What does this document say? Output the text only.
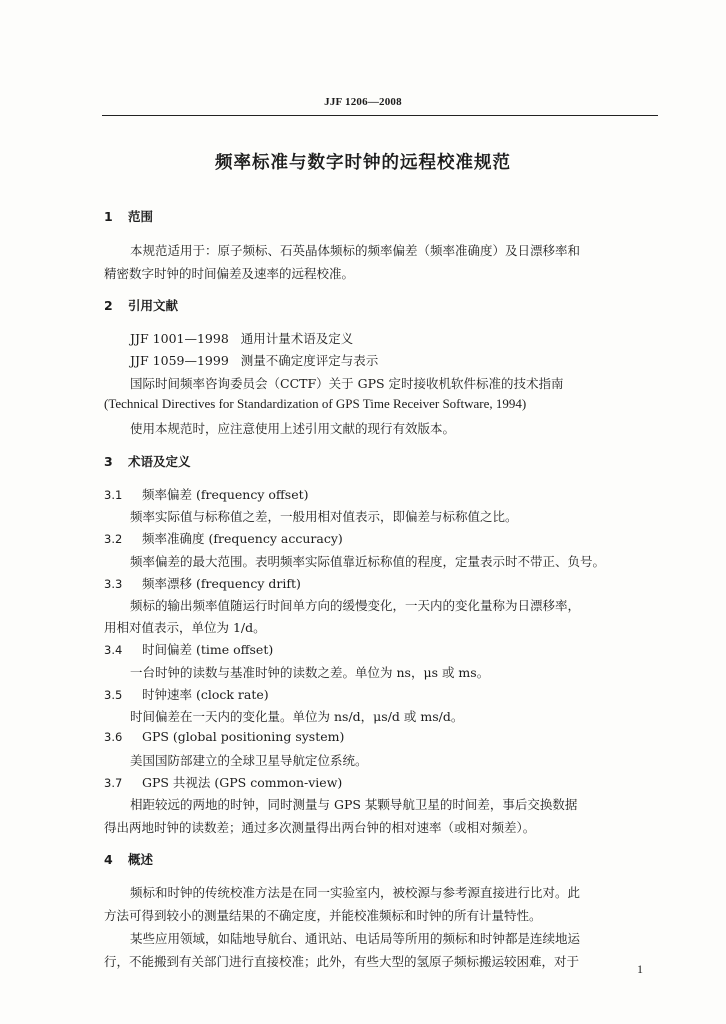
JJF 1206—2008
频率标准与数字时钟的远程校准规范
1 范围
本规范适用于：原子频标、石英晶体频标的频率偏差（频率准确度）及日漂移率和
精密数字时钟的时间偏差及速率的远程校准。
2 引用文献
JJF 1001—1998   通用计量术语及定义
JJF 1059—1999   测量不确定度评定与表示
国际时间频率咨询委员会（CCTF）关于 GPS 定时接收机软件标准的技术指南
(Technical Directives for Standardization of GPS Time Receiver Software, 1994)
使用本规范时，应注意使用上述引用文献的现行有效版本。
3 术语及定义
3.1 频率偏差 (frequency offset)
频率实际值与标称值之差，一般用相对值表示，即偏差与标称值之比。
3.2 频率准确度 (frequency accuracy)
频率偏差的最大范围。表明频率实际值靠近标称值的程度，定量表示时不带正、负号。
3.3 频率漂移 (frequency drift)
频标的输出频率值随运行时间单方向的缓慢变化，一天内的变化量称为日漂移率，
用相对值表示，单位为 1/d。
3.4 时间偏差 (time offset)
一台时钟的读数与基准时钟的读数之差。单位为 ns，μs 或 ms。
3.5 时钟速率 (clock rate)
时间偏差在一天内的变化量。单位为 ns/d，μs/d 或 ms/d。
3.6 GPS (global positioning system)
美国国防部建立的全球卫星导航定位系统。
3.7 GPS 共视法 (GPS common-view)
相距较远的两地的时钟，同时测量与 GPS 某颗导航卫星的时间差，事后交换数据
得出两地时钟的读数差；通过多次测量得出两台钟的相对速率（或相对频差）。
4 概述
频标和时钟的传统校准方法是在同一实验室内，被校源与参考源直接进行比对。此
方法可得到较小的测量结果的不确定度，并能校准频标和时钟的所有计量特性。
某些应用领域，如陆地导航台、通讯站、电话局等所用的频标和时钟都是连续地运
行，不能搬到有关部门进行直接校准；此外，有些大型的氢原子频标搬运较困难，对于	1
